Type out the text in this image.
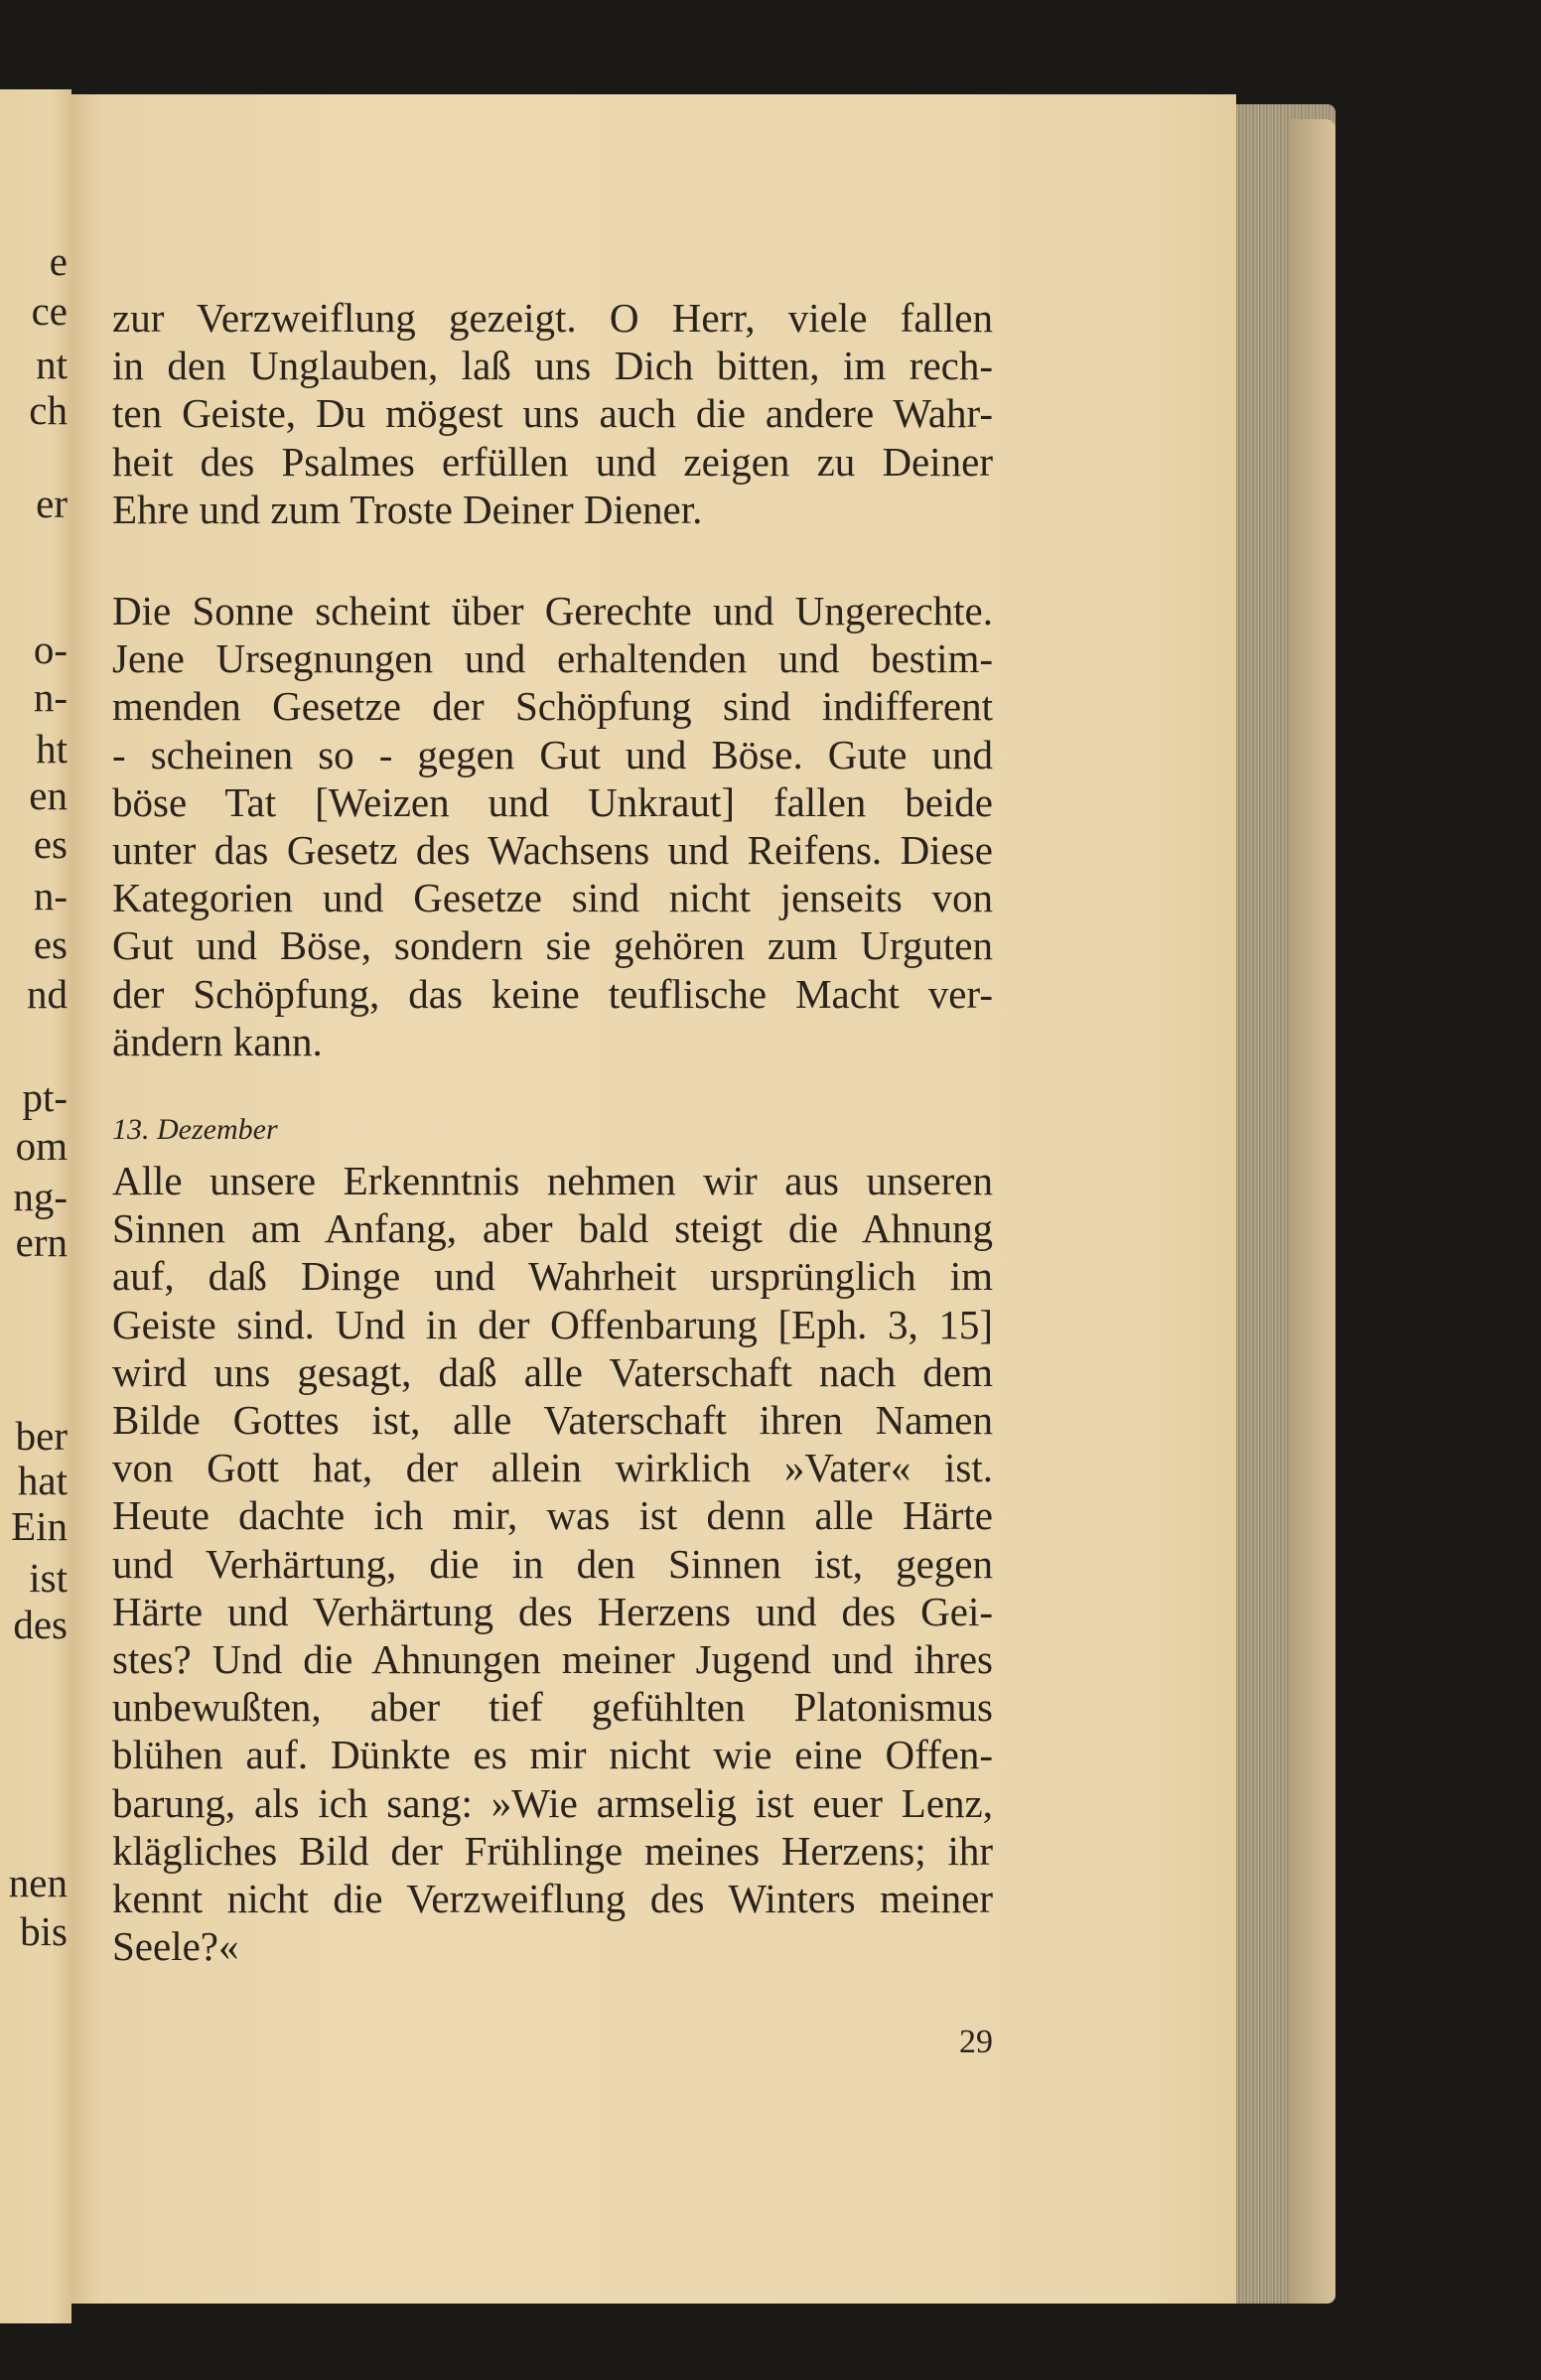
e
ce
nt
ch
er
o-
n-
ht
en
es
n-
es
nd
pt-
om
ng-
ern
ber
hat
Ein
ist
des
nen
bis
zur Verzweiflung gezeigt. O Herr, viele fallen
in den Unglauben, laß uns Dich bitten, im rech-
ten Geiste, Du mögest uns auch die andere Wahr-
heit des Psalmes erfüllen und zeigen zu Deiner
Ehre und zum Troste Deiner Diener.
Die Sonne scheint über Gerechte und Ungerechte.
Jene Ursegnungen und erhaltenden und bestim-
menden Gesetze der Schöpfung sind indifferent
- scheinen so - gegen Gut und Böse. Gute und
böse Tat [Weizen und Unkraut] fallen beide
unter das Gesetz des Wachsens und Reifens. Diese
Kategorien und Gesetze sind nicht jenseits von
Gut und Böse, sondern sie gehören zum Urguten
der Schöpfung, das keine teuflische Macht ver-
ändern kann.
Alle unsere Erkenntnis nehmen wir aus unseren
Sinnen am Anfang, aber bald steigt die Ahnung
auf, daß Dinge und Wahrheit ursprünglich im
Geiste sind. Und in der Offenbarung [Eph. 3, 15]
wird uns gesagt, daß alle Vaterschaft nach dem
Bilde Gottes ist, alle Vaterschaft ihren Namen
von Gott hat, der allein wirklich »Vater« ist.
Heute dachte ich mir, was ist denn alle Härte
und Verhärtung, die in den Sinnen ist, gegen
Härte und Verhärtung des Herzens und des Gei-
stes? Und die Ahnungen meiner Jugend und ihres
unbewußten, aber tief gefühlten Platonismus
blühen auf. Dünkte es mir nicht wie eine Offen-
barung, als ich sang: »Wie armselig ist euer Lenz,
klägliches Bild der Frühlinge meines Herzens; ihr
kennt nicht die Verzweiflung des Winters meiner
Seele?«
13. Dezember
29
